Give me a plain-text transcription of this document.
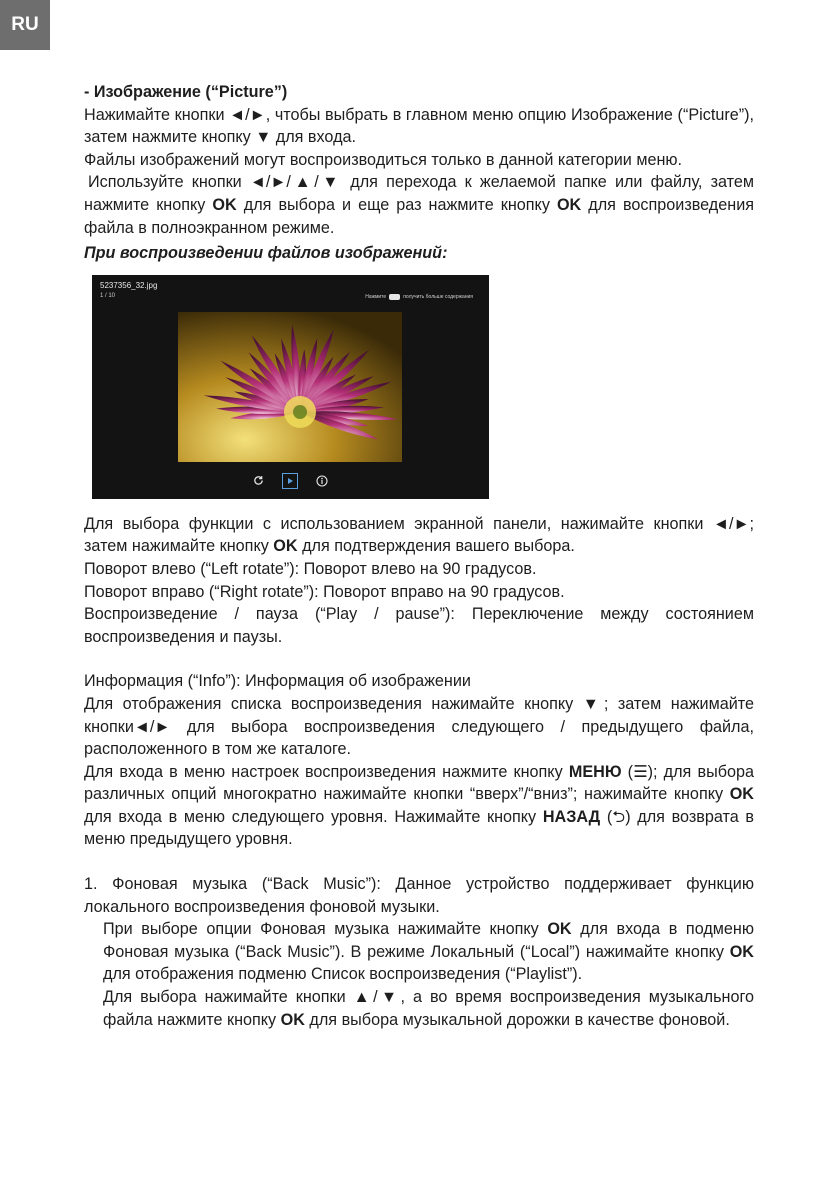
RU

- Изображение (“Picture”)

Нажимайте кнопки ◄/►, чтобы выбрать в главном меню опцию Изображение (“Picture”), затем нажмите кнопку ▼ для входа.

Файлы изображений могут воспроизводиться только в данной категории меню.

Используйте кнопки ◄/►/▲/▼ для перехода к желаемой папке или файлу, затем нажмите кнопку OK для выбора и еще раз нажмите кнопку OK для воспроизведения файла в полноэкранном режиме.

При воспроизведении файлов изображений:

5237356_32.jpg
1 / 10	Нажмите	получить больше содержания

Для выбора функции с использованием экранной панели, нажимайте кнопки ◄/►; затем нажимайте кнопку OK для подтверждения вашего выбора.

Поворот влево (“Left rotate”): Поворот влево на 90 градусов.

Поворот вправо (“Right rotate”): Поворот вправо на 90 градусов.

Воспроизведение / пауза (“Play / pause”): Переключение между состоянием воспроизведения и паузы.

Информация (“Info”): Информация об изображении

Для отображения списка воспроизведения нажимайте кнопку ▼; затем нажимайте кнопки◄/► для выбора воспроизведения следующего / предыдущего файла, расположенного в том же каталоге.

Для входа в меню настроек воспроизведения нажмите кнопку МЕНЮ (☰); для выбора различных опций многократно нажимайте кнопки “вверх”/“вниз”; нажимайте кнопку OK для входа в меню следующего уровня. Нажимайте кнопку НАЗАД (⮌) для возврата в меню предыдущего уровня.

1. Фоновая музыка (“Back Music”): Данное устройство поддерживает функцию локального воспроизведения фоновой музыки.

При выборе опции Фоновая музыка нажимайте кнопку OK для входа в подменю Фоновая музыка (“Back Music”). В режиме Локальный (“Local”) нажимайте кнопку OK для отображения подменю Список воспроизведения (“Playlist”).

Для выбора нажимайте кнопки ▲/▼, а во время воспроизведения музыкального файла нажмите кнопку OK для выбора музыкальной дорожки в качестве фоновой.
